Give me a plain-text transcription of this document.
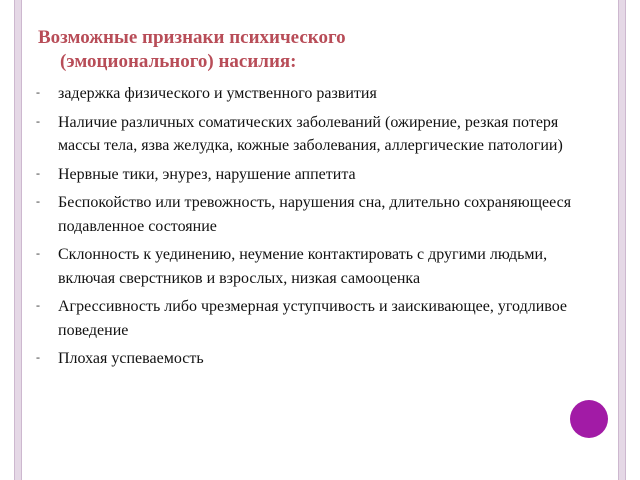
Возможные признаки психического
(эмоционального) насилия:
- задержка физического и умственного развития
- Наличие различных соматических заболеваний (ожирение, резкая потеря массы тела, язва желудка, кожные заболевания, аллергические патологии)
- Нервные тики, энурез, нарушение аппетита
- Беспокойство или тревожность, нарушения сна, длительно сохраняющееся подавленное состояние
- Склонность к уединению, неумение контактировать с другими людьми, включая сверстников и взрослых, низкая самооценка
- Агрессивность либо чрезмерная уступчивость и заискивающее, угодливое поведение
- Плохая успеваемость
